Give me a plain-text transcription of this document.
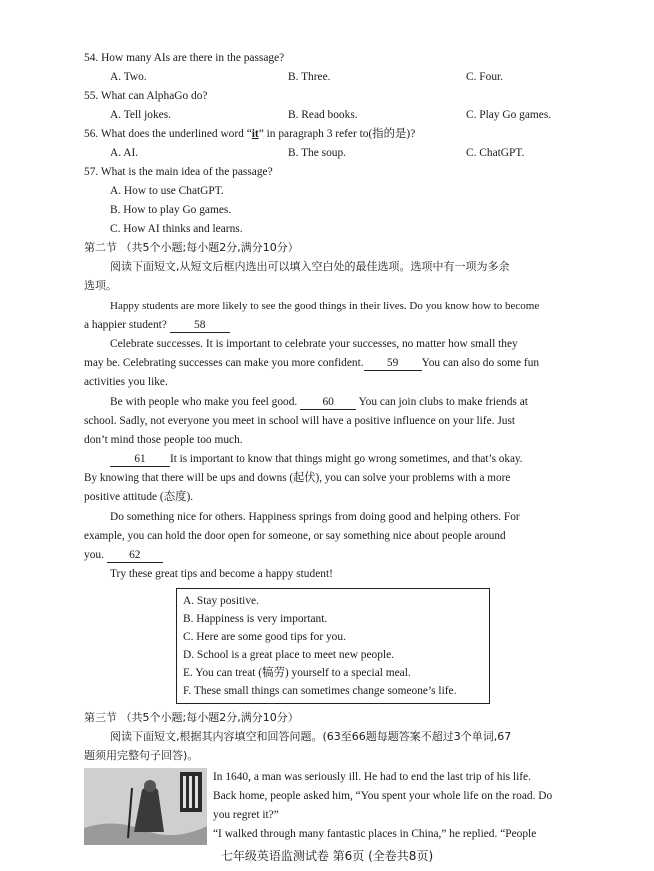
54. How many AIs are there in the passage?
A. Two.	B. Three.	C. Four.
55. What can AlphaGo do?
A. Tell jokes.	B. Read books.	C. Play Go games.
56. What does the underlined word “it” in paragraph 3 refer to(指的是)?
A. AI.	B. The soup.	C. ChatGPT.
57. What is the main idea of the passage?
A. How to use ChatGPT.
B. How to play Go games.
C. How AI thinks and learns.
第二节 （共5个小题;每小题2分,满分10分）
阅读下面短文,从短文后框内选出可以填入空白处的最佳选项。选项中有一项为多余
选项。
Happy students are more likely to see the good things in their lives. Do you know how to become
a happier student? 58
Celebrate successes. It is important to celebrate your successes, no matter how small they
may be. Celebrating successes can make you more confident. 59 You can also do some fun
activities you like.
Be with people who make you feel good. 60 You can join clubs to make friends at
school. Sadly, not everyone you meet in school will have a positive influence on your life. Just
don’t mind those people too much.
61 It is important to know that things might go wrong sometimes, and that’s okay.
By knowing that there will be ups and downs (起伏), you can solve your problems with a more
positive attitude (态度).
Do something nice for others. Happiness springs from doing good and helping others. For
example, you can hold the door open for someone, or say something nice about people around
you. 62
Try these great tips and become a happy student!
A. Stay positive.
B. Happiness is very important.
C. Here are some good tips for you.
D. School is a great place to meet new people.
E. You can treat (犒劳) yourself to a special meal.
F. These small things can sometimes change someone’s life.
第三节 （共5个小题;每小题2分,满分10分）
阅读下面短文,根据其内容填空和回答问题。(63至66题每题答案不超过3个单词,67
题须用完整句子回答)。
In 1640, a man was seriously ill. He had to end the last trip of his life.
Back home, people asked him, “You spent your whole life on the road. Do
you regret it?”
“I walked through many fantastic places in China,” he replied. “People
七年级英语监测试卷 第6页 (全卷共8页)
